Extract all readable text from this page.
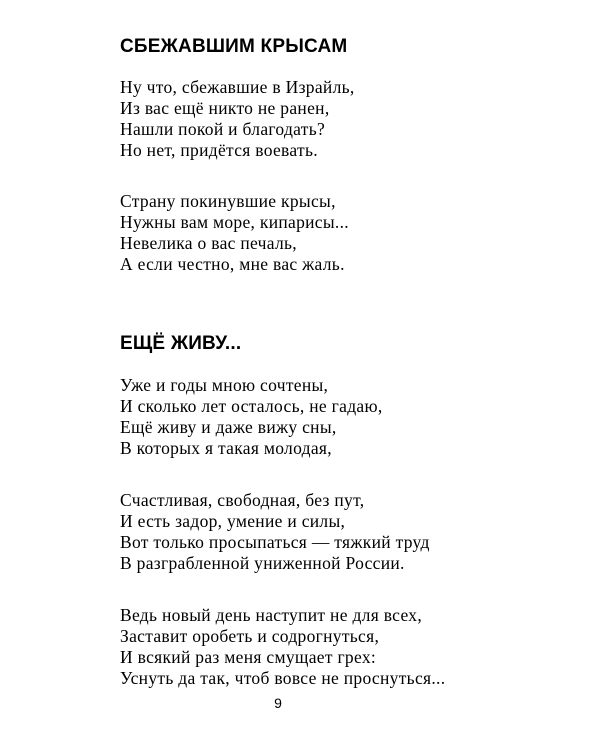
СБЕЖАВШИМ КРЫСАМ

Ну что, сбежавшие в Израйль,
Из вас ещё никто не ранен,
Нашли покой и благодать?
Но нет, придётся воевать.

Страну покинувшие крысы,
Нужны вам море, кипарисы...
Невелика о вас печаль,
А если честно, мне вас жаль.

ЕЩЁ ЖИВУ...

Уже и годы мною сочтены,
И сколько лет осталось, не гадаю,
Ещё живу и даже вижу сны,
В которых я такая молодая,

Счастливая, свободная, без пут,
И есть задор, умение и силы,
Вот только просыпаться — тяжкий труд
В разграбленной униженной России.

Ведь новый день наступит не для всех,
Заставит оробеть и содрогнуться,
И всякий раз меня смущает грех:
Уснуть да так, чтоб вовсе не проснуться...

9
